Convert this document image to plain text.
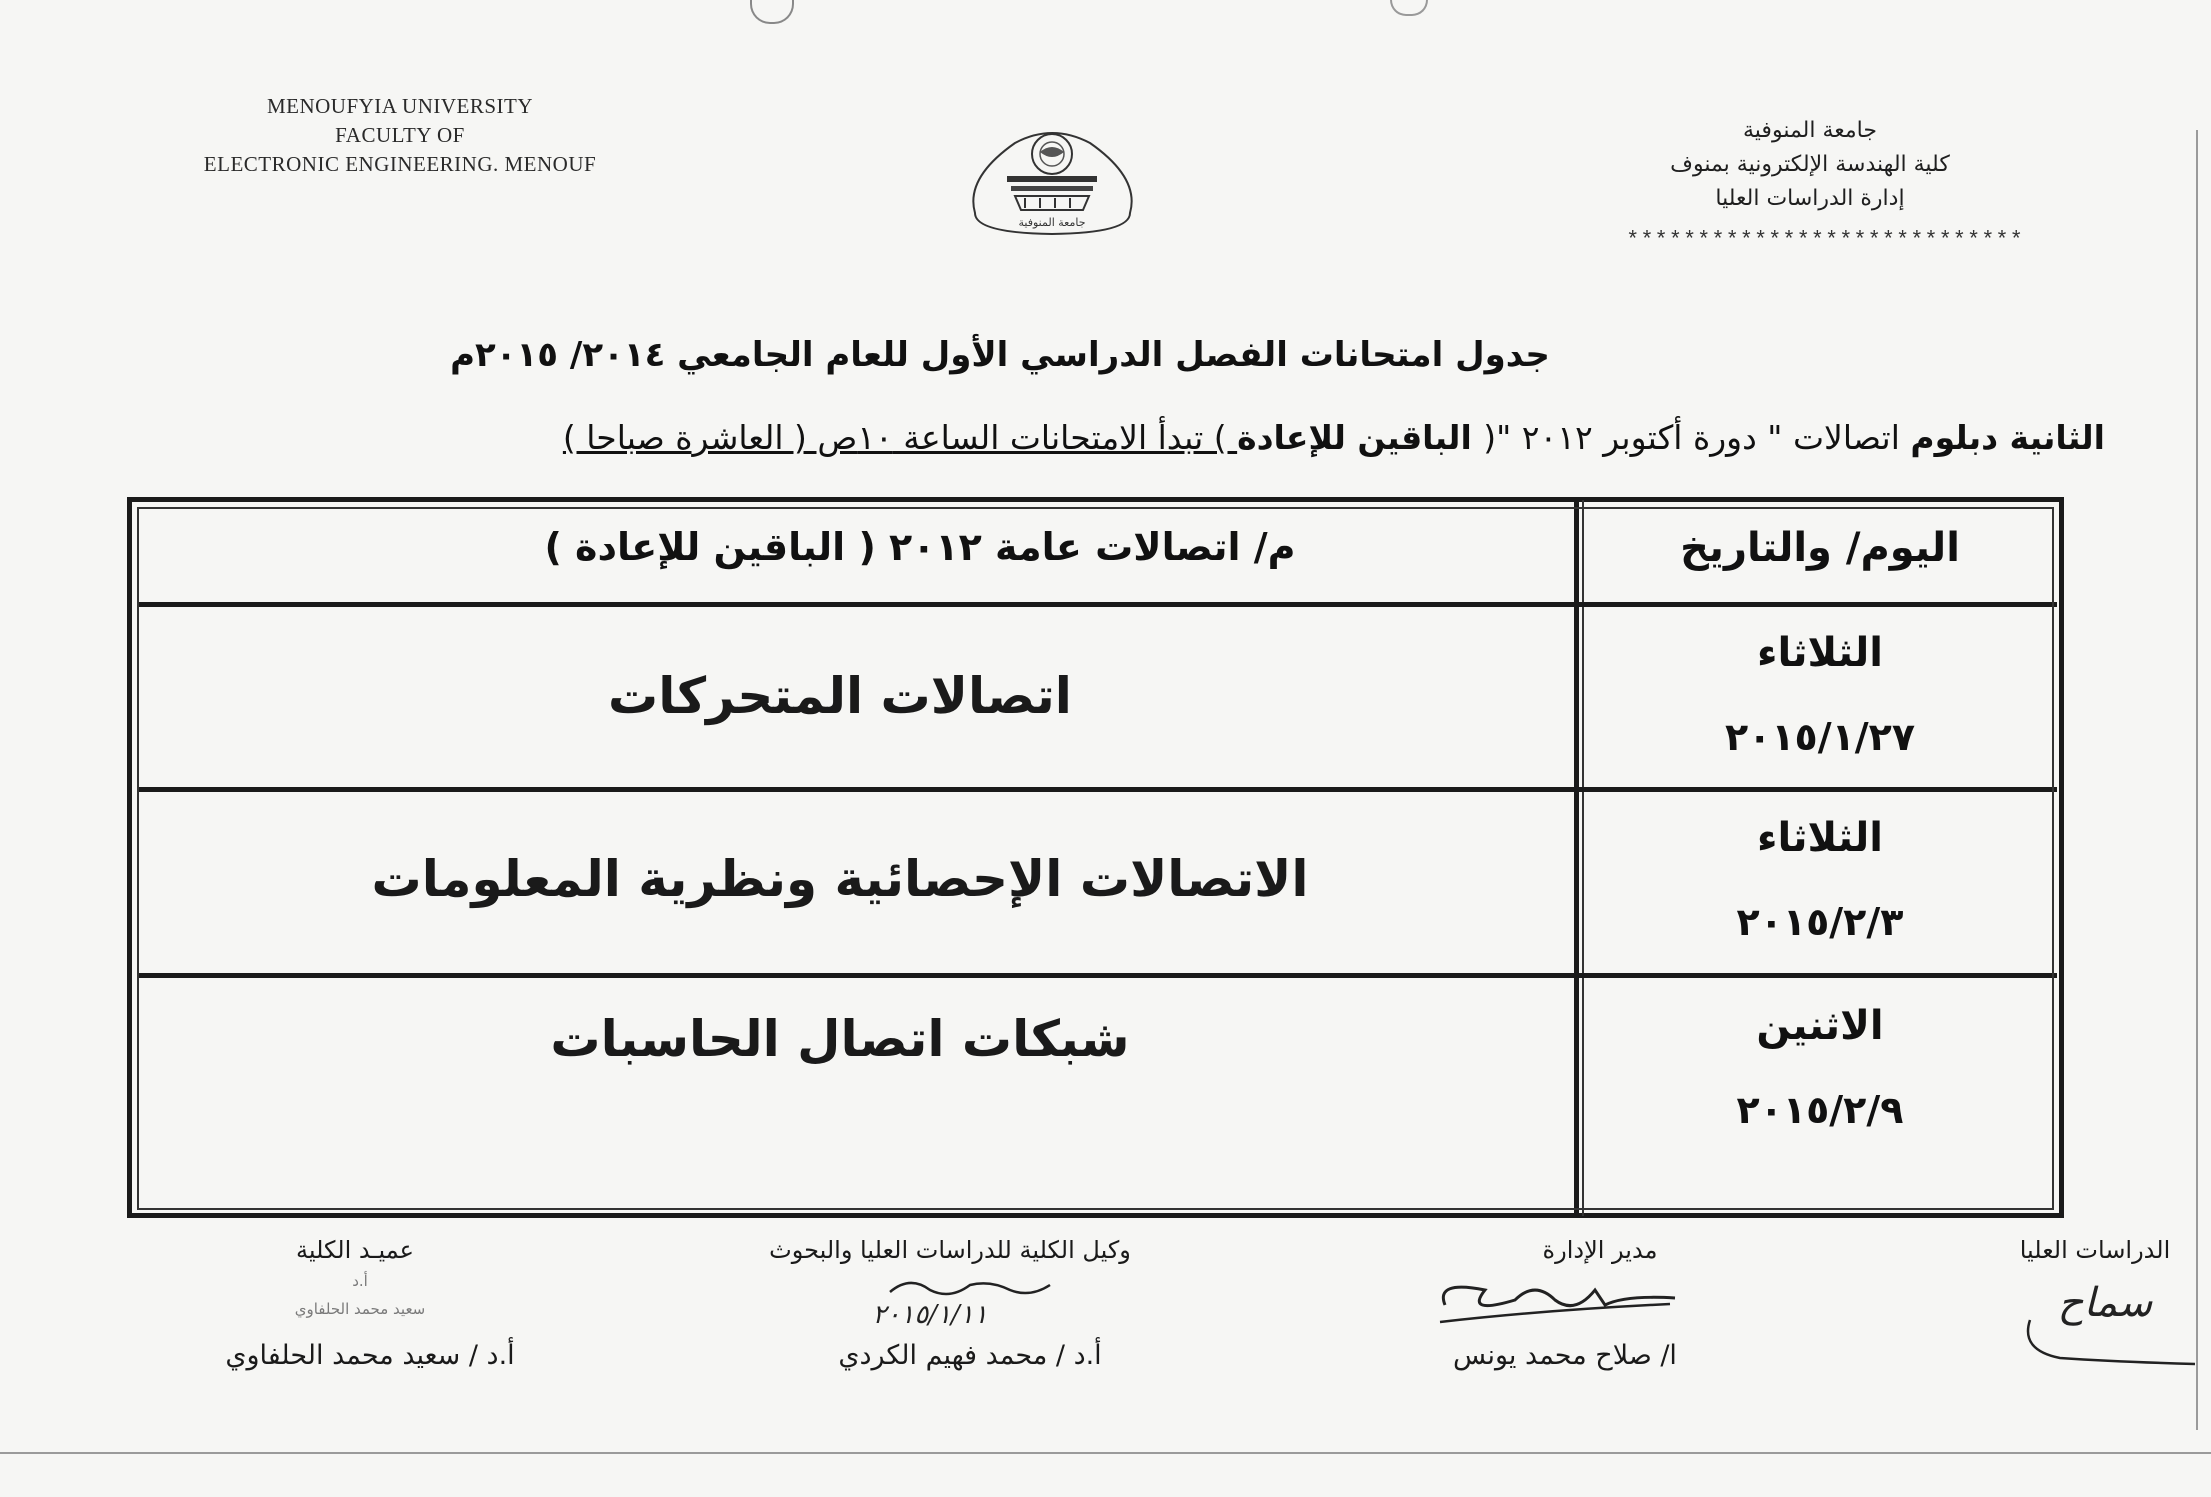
MENOUFYIA UNIVERSITY
FACULTY OF
ELECTRONIC ENGINEERING. MENOUF
جامعة المنوفية
جامعة المنوفية
كلية الهندسة الإلكترونية بمنوف
إدارة الدراسات العليا
****************************
جدول امتحانات الفصل الدراسي الأول للعام الجامعي ٢٠١٤/ ٢٠١٥م
الثانية دبلوم اتصالات " دورة أكتوبر ٢٠١٢ "( الباقين للإعادة ) تبدأ الامتحانات الساعة ١٠ص ( العاشرة صباحا )
اليوم/ والتاريخ
م/ اتصالات عامة ٢٠١٢ ( الباقين للإعادة )
الثلاثاء
٢٠١٥/١/٢٧
اتصالات المتحركات
الثلاثاء
٢٠١٥/٢/٣
الاتصالات الإحصائية ونظرية المعلومات
الاثنين
٢٠١٥/٢/٩
شبكات اتصال الحاسبات
الدراسات العليا
سماح
مدير الإدارة
ا/ صلاح محمد يونس
وكيل الكلية للدراسات العليا والبحوث
٢٠١٥/١/١١
أ.د / محمد فهيم الكردي
عميـد الكلية
أ.د
سعيد محمد الحلفاوي
أ.د / سعيد محمد الحلفاوي
